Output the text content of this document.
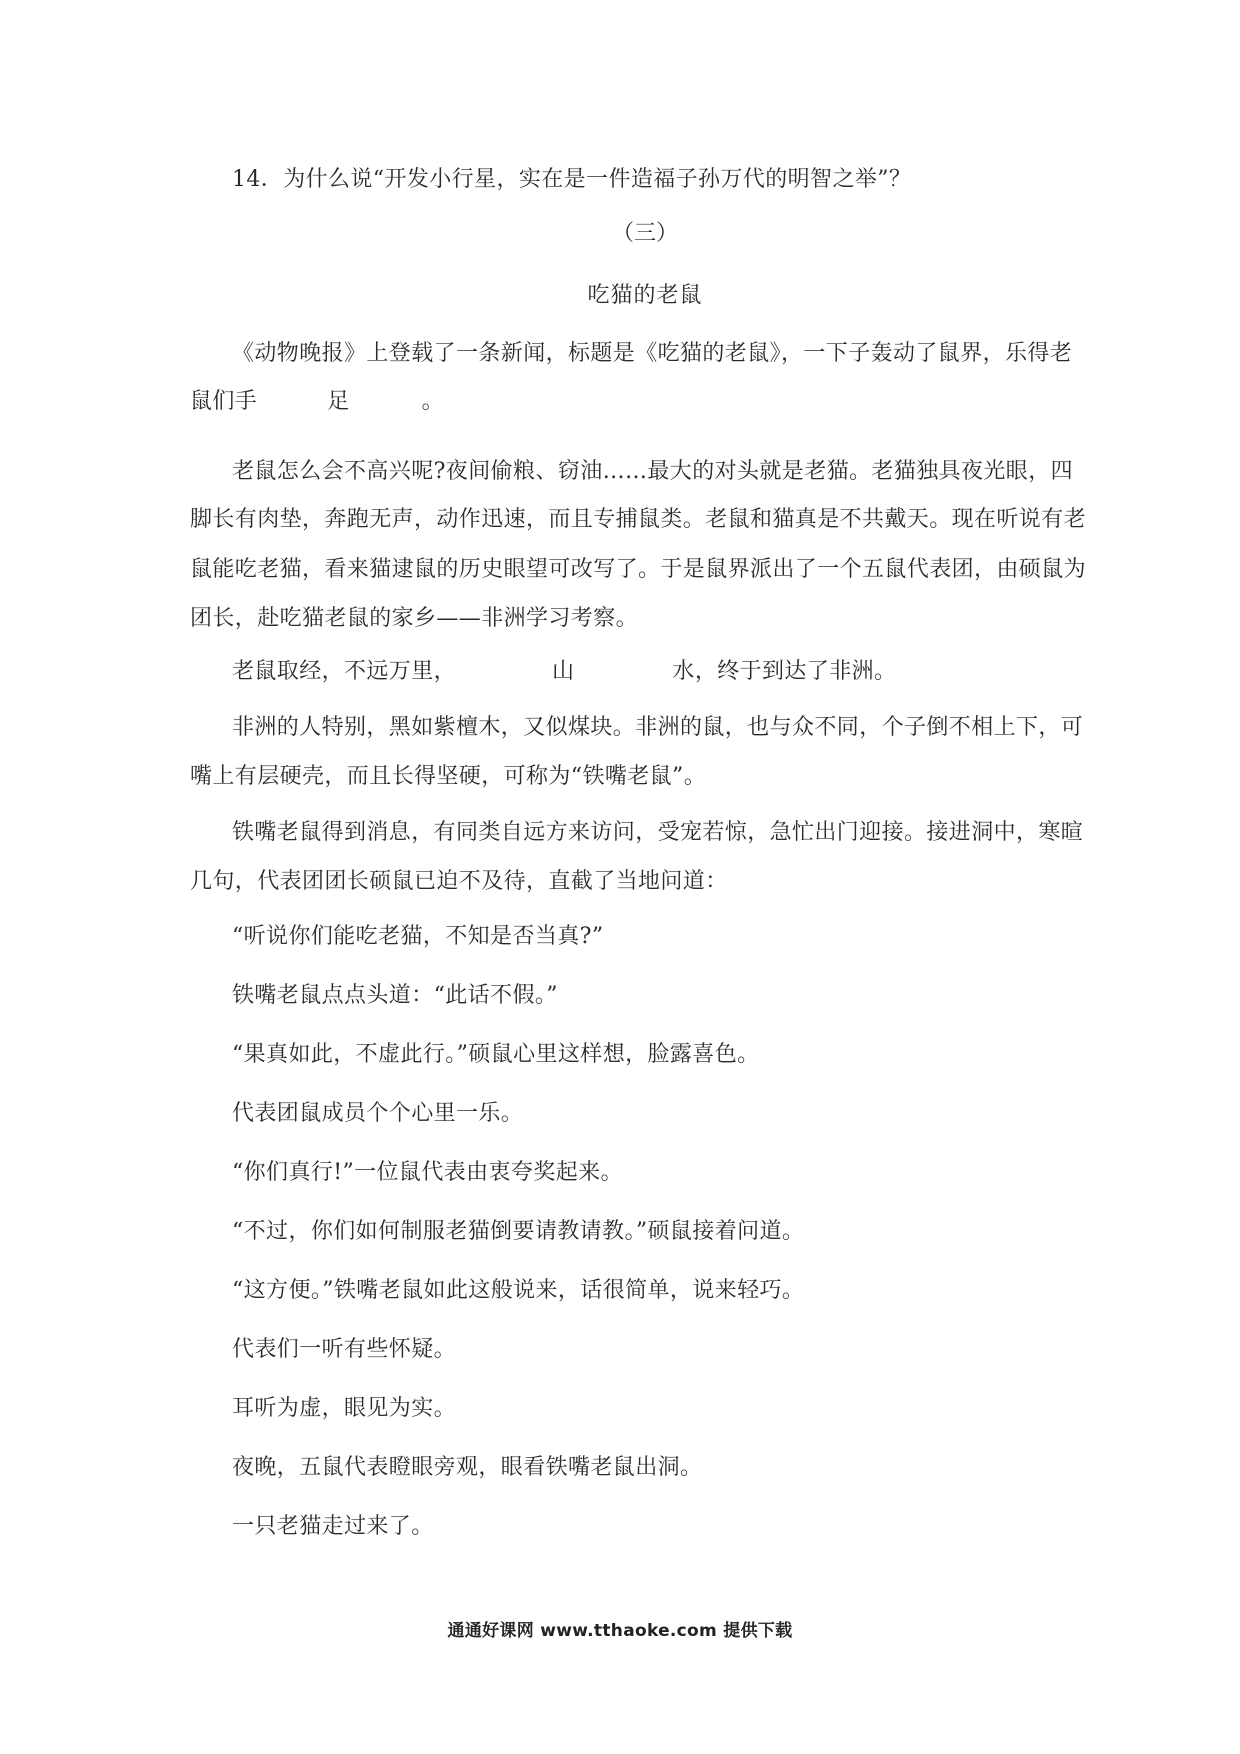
14．为什么说“开发小行星，实在是一件造福子孙万代的明智之举”？
（三）
吃猫的老鼠
《动物晚报》上登载了一条新闻，标题是《吃猫的老鼠》，一下子轰动了鼠界，乐得老
鼠们手	足	。
老鼠怎么会不高兴呢?夜间偷粮、窃油……最大的对头就是老猫。老猫独具夜光眼，四
脚长有肉垫，奔跑无声，动作迅速，而且专捕鼠类。老鼠和猫真是不共戴天。现在听说有老
鼠能吃老猫，看来猫逮鼠的历史眼望可改写了。于是鼠界派出了一个五鼠代表团，由硕鼠为
团长，赴吃猫老鼠的家乡——非洲学习考察。
老鼠取经，不远万里，	山	水，终于到达了非洲。
非洲的人特别，黑如紫檀木，又似煤块。非洲的鼠，也与众不同，个子倒不相上下，可
嘴上有层硬壳，而且长得坚硬，可称为“铁嘴老鼠”。
铁嘴老鼠得到消息，有同类自远方来访问，受宠若惊，急忙出门迎接。接进洞中，寒暄
几句，代表团团长硕鼠已迫不及待，直截了当地问道：
“听说你们能吃老猫，不知是否当真?”
铁嘴老鼠点点头道：“此话不假。”
“果真如此，不虚此行。”硕鼠心里这样想，脸露喜色。
代表团鼠成员个个心里一乐。
“你们真行!”一位鼠代表由衷夸奖起来。
“不过，你们如何制服老猫倒要请教请教。”硕鼠接着问道。
“这方便。”铁嘴老鼠如此这般说来，话很简单，说来轻巧。
代表们一听有些怀疑。
耳听为虚，眼见为实。
夜晚，五鼠代表瞪眼旁观，眼看铁嘴老鼠出洞。
一只老猫走过来了。
通通好课网 www.tthaoke.com 提供下载
